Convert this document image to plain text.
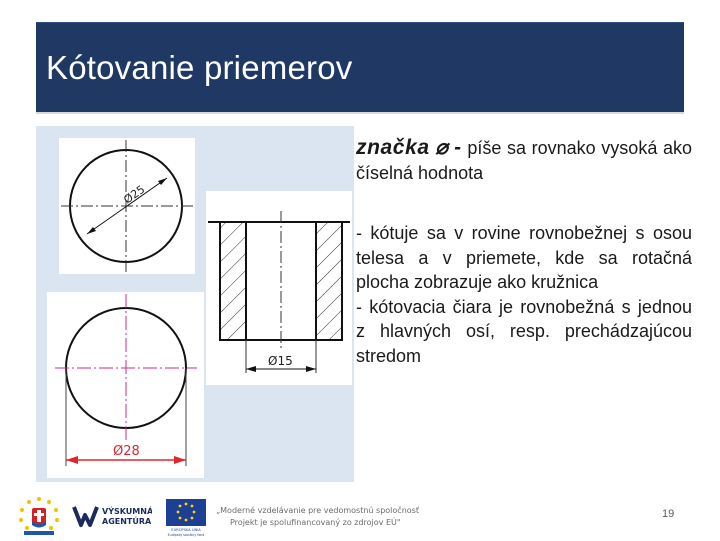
Kótovanie priemerov
Ø25
Ø15
Ø28
značka ⌀ - píše sa rovnako vysoká ako číselná hodnota
- kótuje sa v rovine rovnobežnej s osou telesa a v priemete, kde sa rotačná plocha zobrazuje ako kružnica
- kótovacia čiara je rovnobežná s jednou z hlavných osí, resp. prechádzajúcou stredom
VÝSKUMNÁ
AGENTÚRA
EURÓPSKA ÚNIA
Európsky sociálny fond
„Moderné vzdelávanie pre vedomostnú spoločnosť
Projekt je spolufinancovaný zo zdrojov EÚ"
19
